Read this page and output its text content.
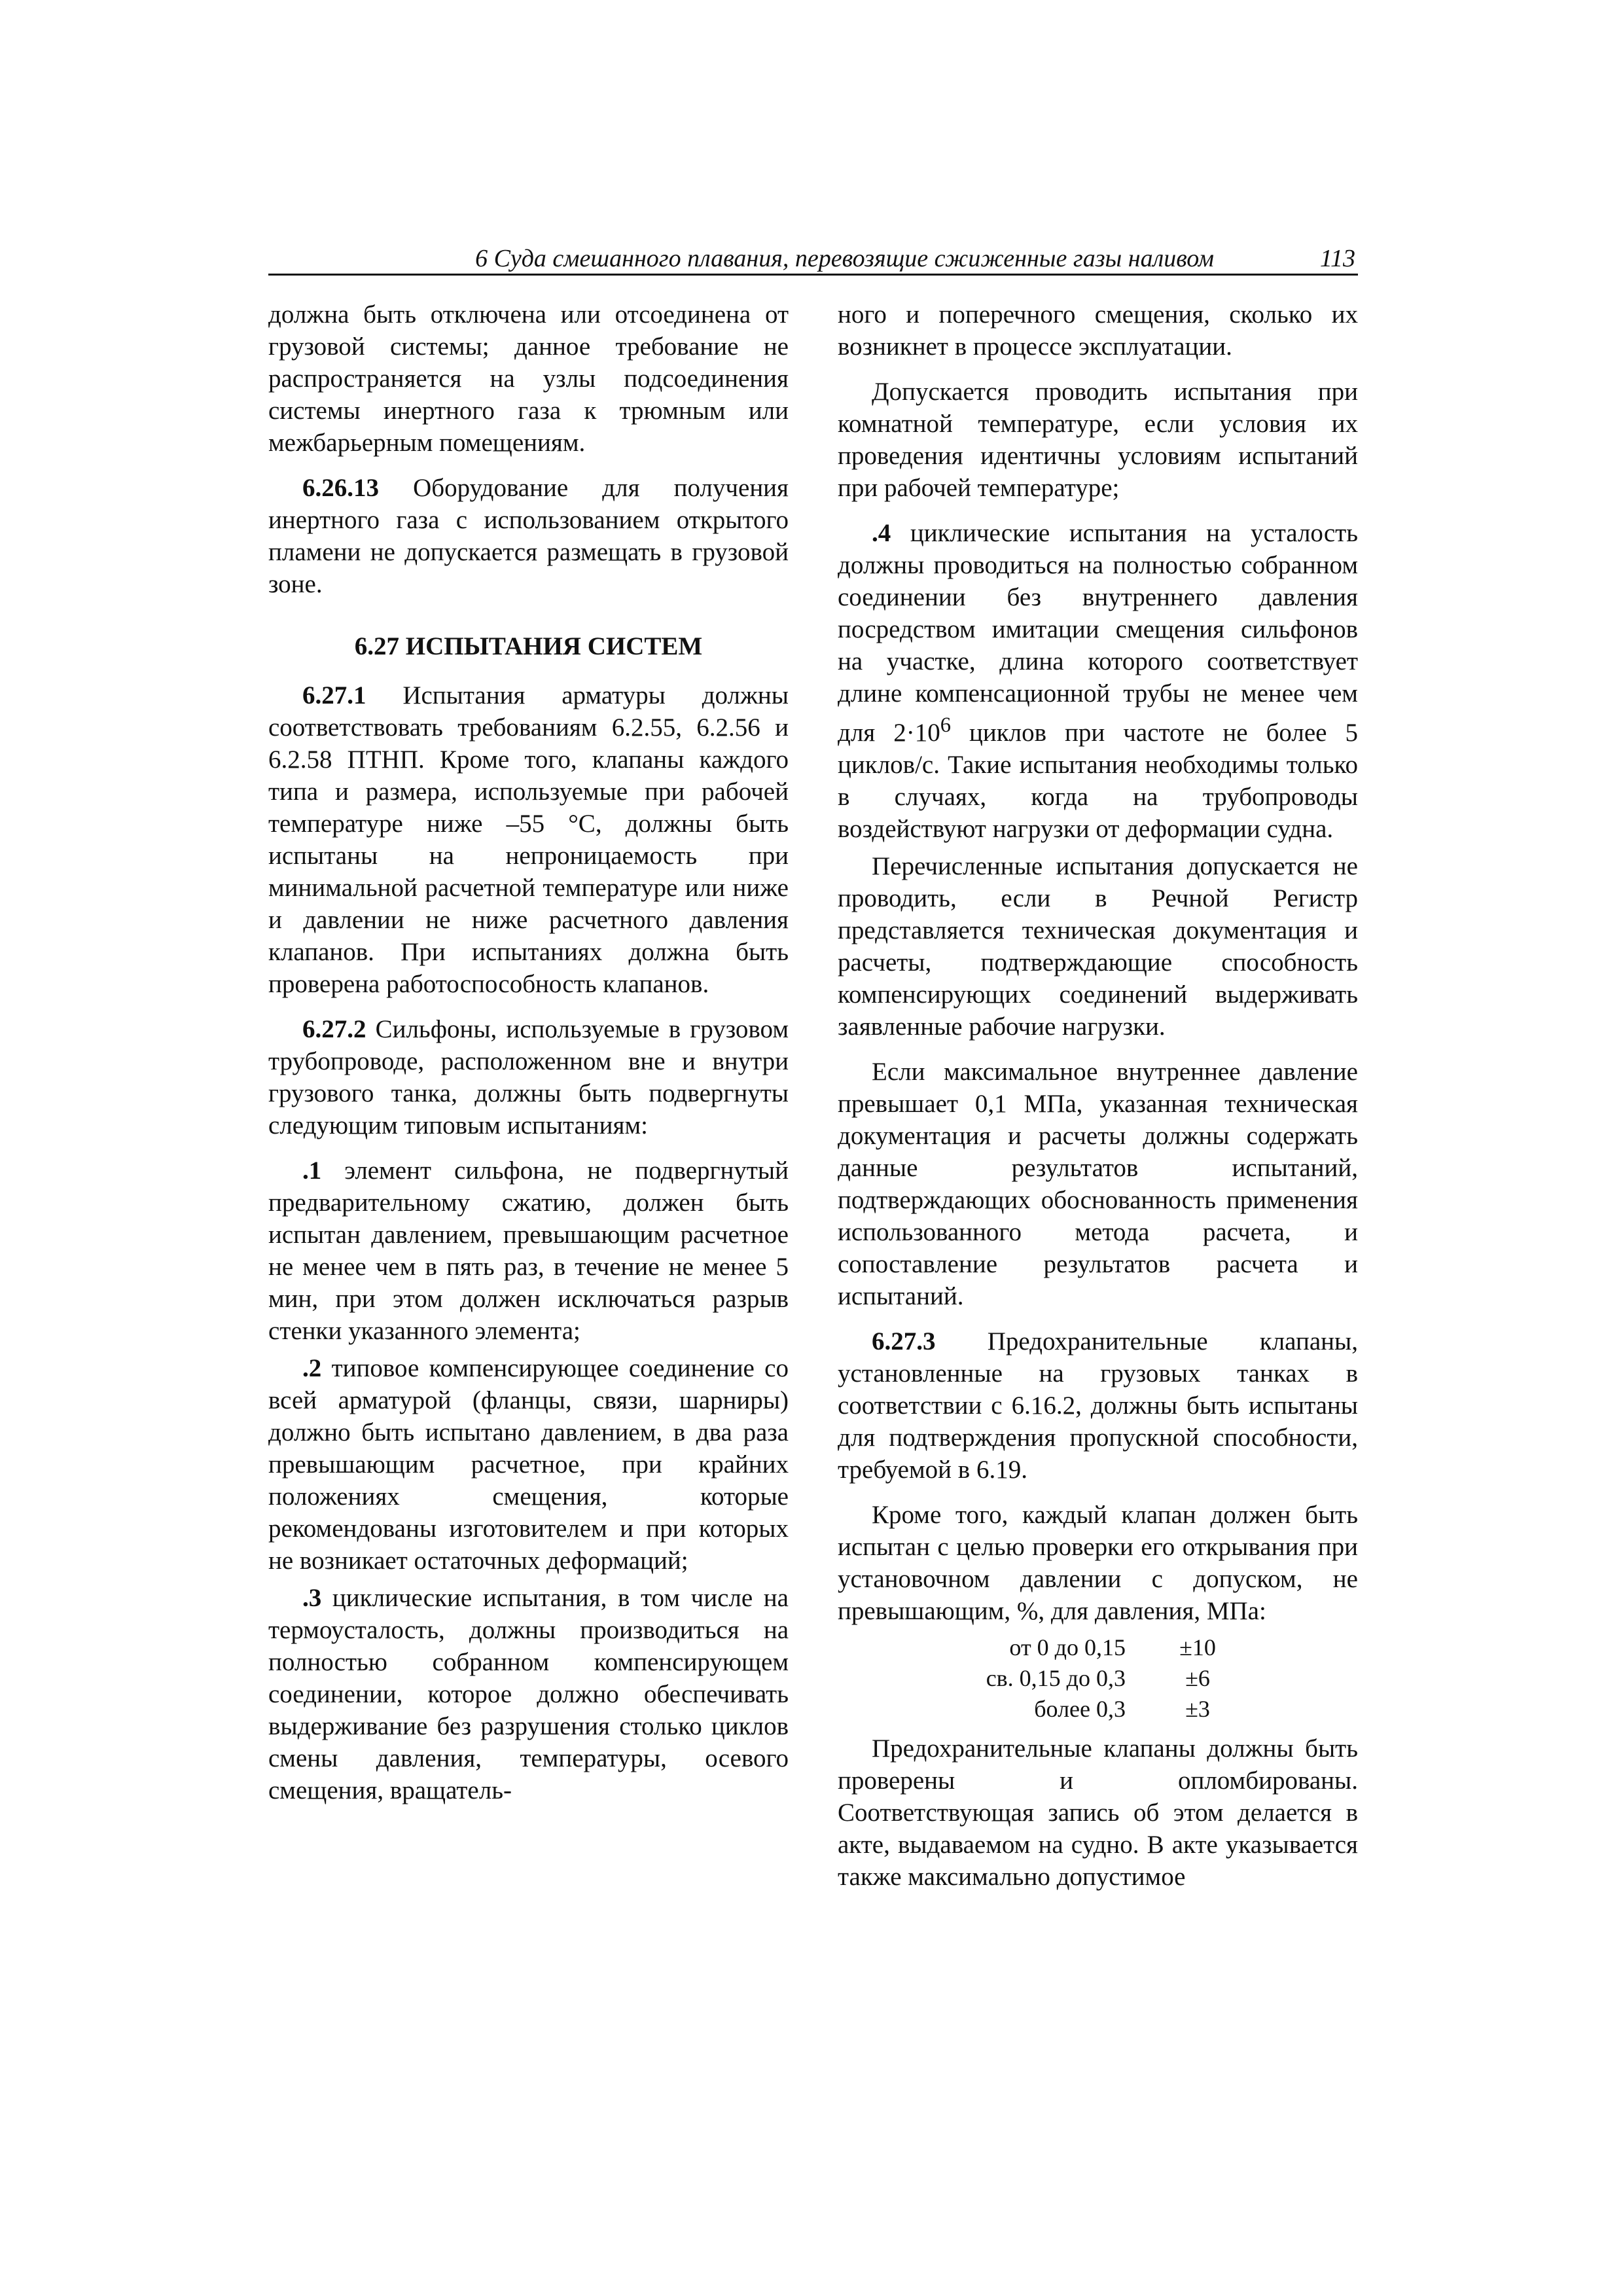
6 Суда смешанного плавания, перевозящие сжиженные газы наливом	113

должна быть отключена или отсоединена от грузовой системы; данное требование не распространяется на узлы подсоединения системы инертного газа к трюмным или межбарьерным помещениям.

6.26.13 Оборудование для получения инертного газа с использованием открытого пламени не допускается размещать в грузовой зоне.

6.27 ИСПЫТАНИЯ СИСТЕМ

6.27.1 Испытания арматуры должны соответствовать требованиям 6.2.55, 6.2.56 и 6.2.58 ПТНП. Кроме того, клапаны каждого типа и размера, используемые при рабочей температуре ниже –55 °С, должны быть испытаны на непроницаемость при минимальной расчетной температуре или ниже и давлении не ниже расчетного давления клапанов. При испытаниях должна быть проверена работоспособность клапанов.

6.27.2 Сильфоны, используемые в грузовом трубопроводе, расположенном вне и внутри грузового танка, должны быть подвергнуты следующим типовым испытаниям:

.1 элемент сильфона, не подвергнутый предварительному сжатию, должен быть испытан давлением, превышающим расчетное не менее чем в пять раз, в течение не менее 5 мин, при этом должен исключаться разрыв стенки указанного элемента;

.2 типовое компенсирующее соединение со всей арматурой (фланцы, связи, шарниры) должно быть испытано давлением, в два раза превышающим расчетное, при крайних положениях смещения, которые рекомендованы изготовителем и при которых не возникает остаточных деформаций;

.3 циклические испытания, в том числе на термоусталость, должны производиться на полностью собранном компенсирующем соединении, которое должно обеспечивать выдерживание без разрушения столько циклов смены давления, температуры, осевого смещения, вращатель-

ного и поперечного смещения, сколько их возникнет в процессе эксплуатации.

Допускается проводить испытания при комнатной температуре, если условия их проведения идентичны условиям испытаний при рабочей температуре;

.4 циклические испытания на усталость должны проводиться на полностью собранном соединении без внутреннего давления посредством имитации смещения сильфонов на участке, длина которого соответствует длине компенсационной трубы не менее чем для $2\cdot 10^6$ циклов при частоте не более 5 циклов/с. Такие испытания необходимы только в случаях, когда на трубопроводы воздействуют нагрузки от деформации судна.

Перечисленные испытания допускается не проводить, если в Речной Регистр представляется техническая документация и расчеты, подтверждающие способность компенсирующих соединений выдерживать заявленные рабочие нагрузки.

Если максимальное внутреннее давление превышает 0,1 МПа, указанная техническая документация и расчеты должны содержать данные результатов испытаний, подтверждающих обоснованность применения использованного метода расчета, и сопоставление результатов расчета и испытаний.

6.27.3 Предохранительные клапаны, установленные на грузовых танках в соответствии с 6.16.2, должны быть испытаны для подтверждения пропускной способности, требуемой в 6.19.

Кроме того, каждый клапан должен быть испытан с целью проверки его открывания при установочном давлении с допуском, не превышающим, %, для давления, МПа:

от 0 до 0,15	±10
св. 0,15 до 0,3	±6
более 0,3	±3

Предохранительные клапаны должны быть проверены и опломбированы. Соответствующая запись об этом делается в акте, выдаваемом на судно. В акте указывается также максимально допустимое
